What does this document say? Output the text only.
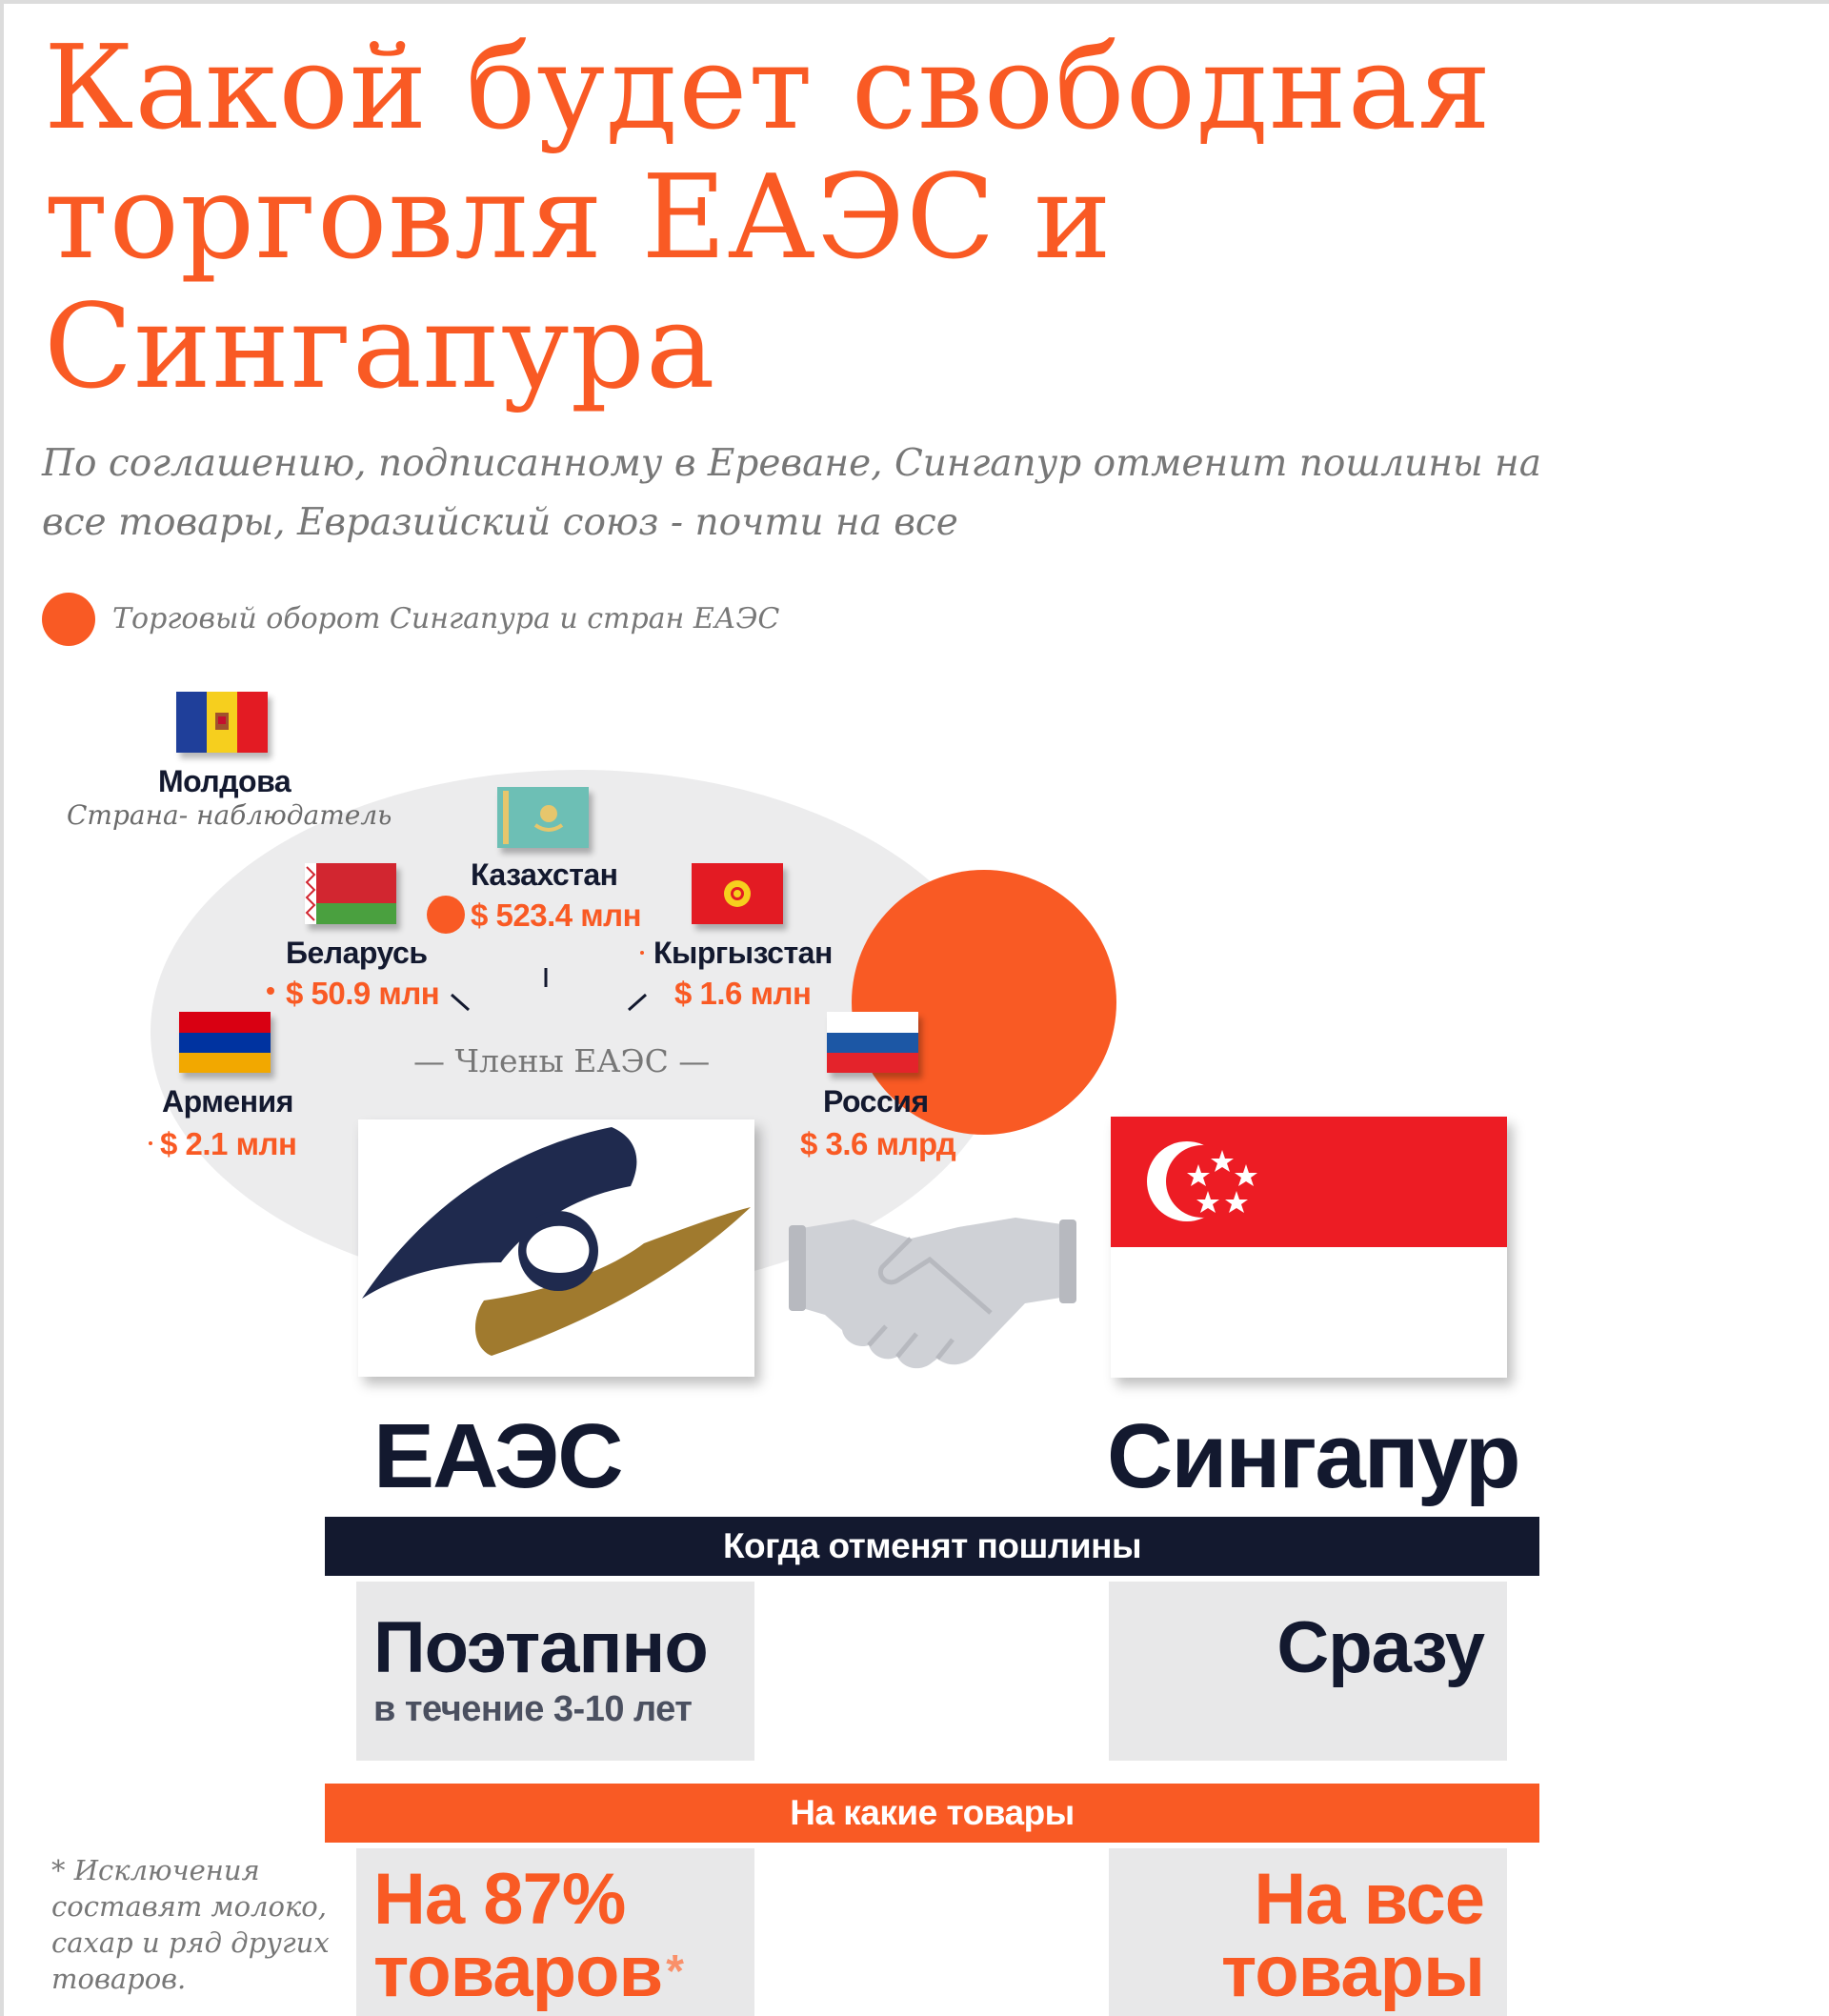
Какой будет свободная торговля ЕАЭС и Сингапура
По соглашению, подписанному в Ереване, Сингапур отменит пошлины на все товары, Евразийский союз - почти на все
Торговый оборот Сингапура и стран ЕАЭС
Молдова
Страна- наблюдатель
Казахстан
$ 523.4 млн
Беларусь
$ 50.9 млн
Кыргызстан
$ 1.6 млн
Армения
$ 2.1 млн
Россия
$ 3.6 млрд
— Члены ЕАЭС —
ЕАЭС	Сингапур
Когда отменят пошлины
Поэтапно
в течение 3-10 лет
Сразу
На какие товары
На 87%
товаров*
На все
товары
* Исключения составят молоко, сахар и ряд других товаров.
